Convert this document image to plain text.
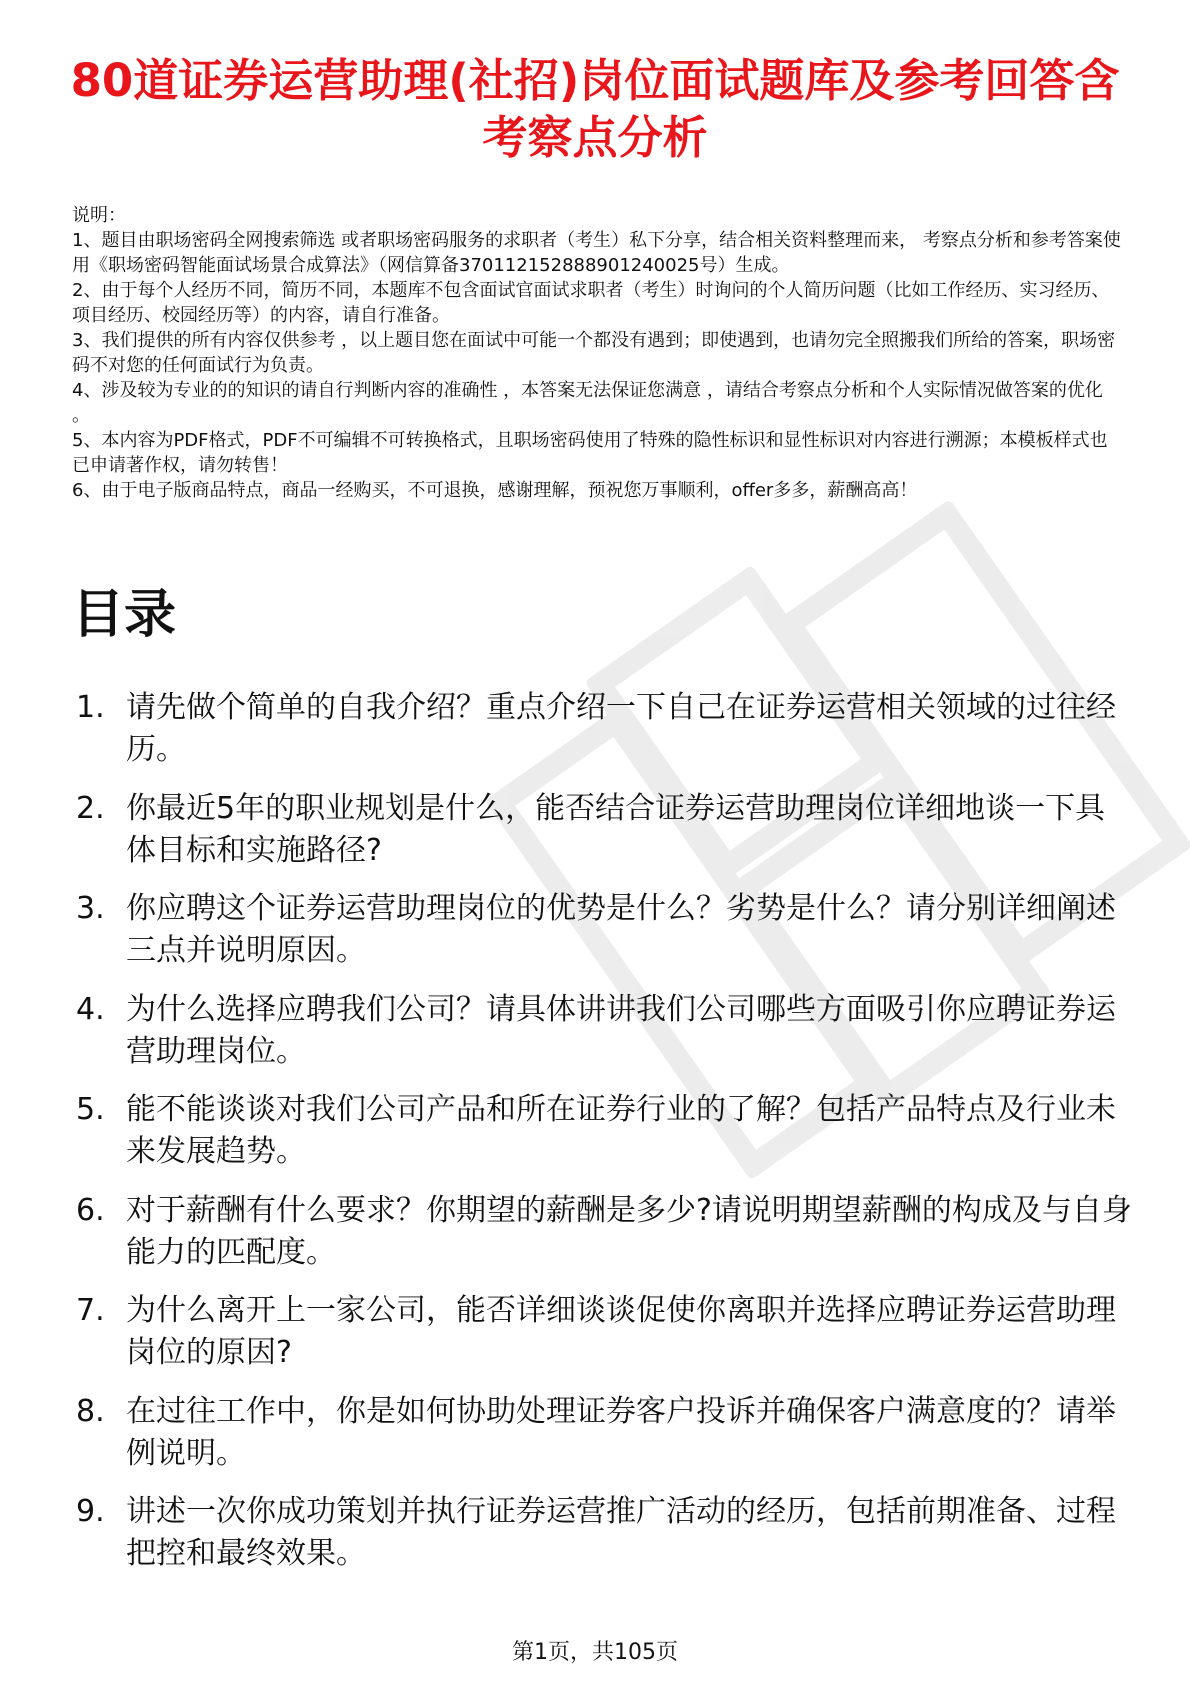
80道证券运营助理(社招)岗位面试题库及参考回答含考察点分析

说明：

1、题目由职场密码全网搜索筛选 或者职场密码服务的求职者（考生）私下分享，结合相关资料整理而来， 考察点分析和参考答案使用《职场密码智能面试场景合成算法》（网信算备370112152888901240025号）生成。

2、由于每个人经历不同，简历不同，本题库不包含面试官面试求职者（考生）时询问的个人简历问题（比如工作经历、实习经历、项目经历、校园经历等）的内容，请自行准备。

3、我们提供的所有内容仅供参考 ，以上题目您在面试中可能一个都没有遇到；即使遇到，也请勿完全照搬我们所给的答案，职场密码不对您的任何面试行为负责。

4、涉及较为专业的的知识的请自行判断内容的准确性 ，本答案无法保证您满意 ，请结合考察点分析和个人实际情况做答案的优化 。

5、本内容为PDF格式，PDF不可编辑不可转换格式，且职场密码使用了特殊的隐性标识和显性标识对内容进行溯源；本模板样式也已申请著作权，请勿转售！

6、由于电子版商品特点，商品一经购买，不可退换，感谢理解，预祝您万事顺利，offer多多，薪酬高高！

目录
1. 请先做个简单的自我介绍？重点介绍一下自己在证券运营相关领域的过往经历。
2. 你最近5年的职业规划是什么，能否结合证券运营助理岗位详细地谈一下具体目标和实施路径?
3. 你应聘这个证券运营助理岗位的优势是什么？劣势是什么？请分别详细阐述三点并说明原因。
4. 为什么选择应聘我们公司？请具体讲讲我们公司哪些方面吸引你应聘证券运营助理岗位。
5. 能不能谈谈对我们公司产品和所在证券行业的了解？包括产品特点及行业未来发展趋势。
6. 对于薪酬有什么要求？你期望的薪酬是多少?请说明期望薪酬的构成及与自身能力的匹配度。
7. 为什么离开上一家公司，能否详细谈谈促使你离职并选择应聘证券运营助理岗位的原因?
8. 在过往工作中，你是如何协助处理证券客户投诉并确保客户满意度的？请举例说明。
9. 讲述一次你成功策划并执行证券运营推广活动的经历，包括前期准备、过程把控和最终效果。
第1页，共105页
